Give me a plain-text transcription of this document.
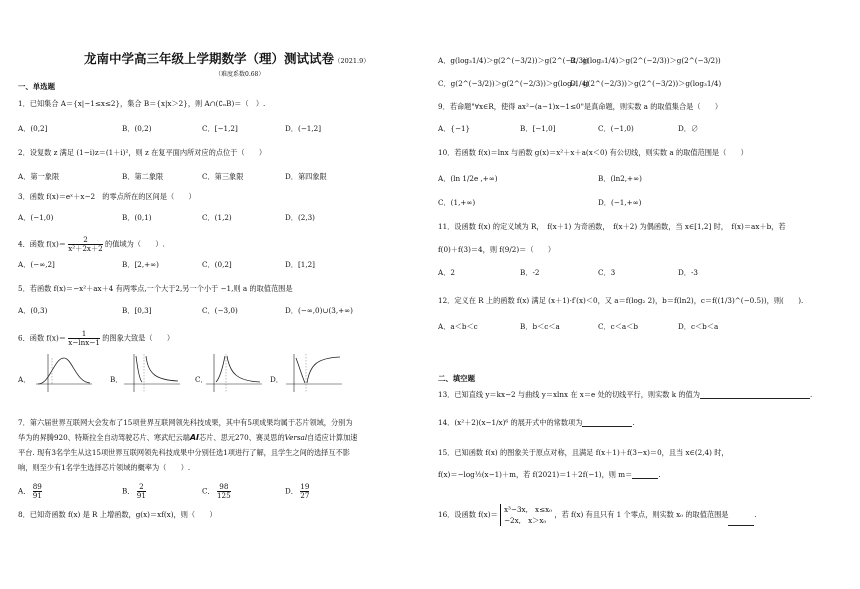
龙南中学高三年级上学期数学（理）测试试卷（2021.9）
（难度系数0.68）
一、单选题
1．已知集合 A＝{x|−1≤x≤2}，集合 B＝{x|x＞2}，则 A∩(∁ₙB)＝（　）.
A．(0,2]	B．(0,2)	C．[−1,2]	D．(−1,2]
2．设复数 z 满足 (1−i)z＝(1＋i)²，则 z 在复平面内所对应的点位于（　　）
A．第一象限	B．第二象限	C．第三象限	D．第四象限
3．函数 f(x)＝eˣ＋x−2　的零点所在的区间是（　　）
A．(−1,0)	B．(0,1)	C．(1,2)	D．(2,3)
4．函数 $f(x)= \frac{2}{\text{x²＋2x＋2}}$ 的值域为（　　）.
A．(−∞,2]	B．[2,+∞)	C．(0,2]	D．[1,2]
5．若函数 f(x)＝−x²＋ax＋4 有两零点,一个大于2,另一个小于 −1,则 a 的取值范围是
A．(0,3)	B．[0,3]	C．(−3,0)	D．(−∞,0)∪(3,+∞)
6．函数 $f(x)= \frac{1}{x-\ln x-1}$ 的图象大致是（　　）
A．	B．	C．	D．
7．第六届世界互联网大会发布了15项世界互联网领先科技成果，其中有5项成果均属于芯片领域，分别为
华为的昇腾920、特斯拉全自动驾驶芯片、寒武纪云端AI芯片、思元270、赛灵思的Versal自适应计算加速
平台. 现有3名学生从这15项世界互联网领先科技成果中分别任选1项进行了解，且学生之间的选择互不影
响，则至少有1名学生选择芯片领域的概率为（　　）.
A． $\frac{89}{91}$	B． $\frac{2}{91}$	C． $\frac{98}{125}$	D． $\frac{19}{27}$
8．已知奇函数 f(x) 是 R 上增函数，g(x)＝xf(x)，则（　　）
A．g(log₃1/4)＞g(2^(−3/2))＞g(2^(−2/3))
B．g(log₃1/4)＞g(2^(−2/3))＞g(2^(−3/2))
C．g(2^(−3/2))＞g(2^(−2/3))＞g(log₃1/4)
D．g(2^(−2/3))＞g(2^(−3/2))＞g(log₃1/4)
9．若命题"∀x∈R，使得 ax²−(a−1)x−1≤0"是真命题，则实数 a 的取值集合是（　　）
A．{−1}	B．[−1,0]	C．(−1,0)	D．∅
10．若函数 f(x)＝lnx 与函数 g(x)＝x²＋x＋a(x＜0) 有公切线，则实数 a 的取值范围是（　　）
A．(ln 1/2e ,+∞)	B．(ln2,+∞)
C．(1,+∞)	D．(−1,+∞)
11．设函数 f(x) 的定义域为 R，　f(x＋1) 为奇函数，　f(x＋2) 为偶函数，当 x∈[1,2] 时，　f(x)＝ax＋b，若
f(0)＋f(3)＝4，则 f(9/2)＝（　　）
A．2	B．-2	C．3	D．-3
12．定义在 R 上的函数 f(x) 满足 (x＋1)·f′(x)＜0，又 a＝f(log₂ 2)，b＝f(ln2)，c＝f((1/3)^(−0.5))，则(　　).
A．a＜b＜c	B．b＜c＜a	C．c＜a＜b	D．c＜b＜a
二、填空题
13．已知直线 y＝kx−2 与曲线 y＝xlnx 在 x＝e 处的切线平行，则实数 k 的值为	.
14．(x²＋2)(x−1/x)⁶ 的展开式中的常数项为	.
15．已知函数 f(x) 的图象关于原点对称，且满足 f(x＋1)＋f(3−x)＝0，且当 x∈(2,4) 时，
f(x)＝−log½(x−1)＋m，若 f(2021)＝1＋2f(−1)，则 m＝	.
16．设函数 f(x)＝
x³−3x,　x≤x₀
−2x,　x＞x₀
，若 f(x) 有且只有 1 个零点，则实数 x₀ 的取值范围是	.
